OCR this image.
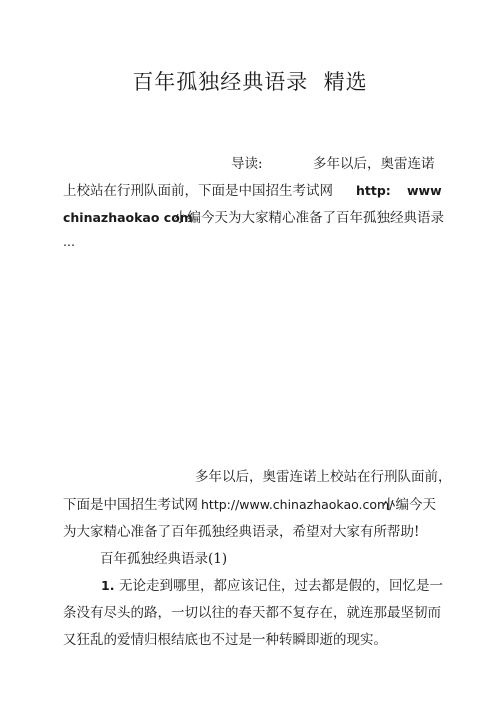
百年孤独经典语录  精选
导读:	多年以后，奥雷连诺
上校站在行刑队面前，下面是中国招生考试网 http: www
chinazhaokao com
小编今天为大家精心准备了百年孤独经典语录
...
多年以后，奥雷连诺上校站在行刑队面前，
下面是中国招生考试网 http://www.chinazhaokao.com/
小编今天
为大家精心准备了百年孤独经典语录，希望对大家有所帮助!
百年孤独经典语录(1)
1. 无论走到哪里，都应该记住，过去都是假的，回忆是一
条没有尽头的路，一切以往的春天都不复存在，就连那最坚韧而
又狂乱的爱情归根结底也不过是一种转瞬即逝的现实。
